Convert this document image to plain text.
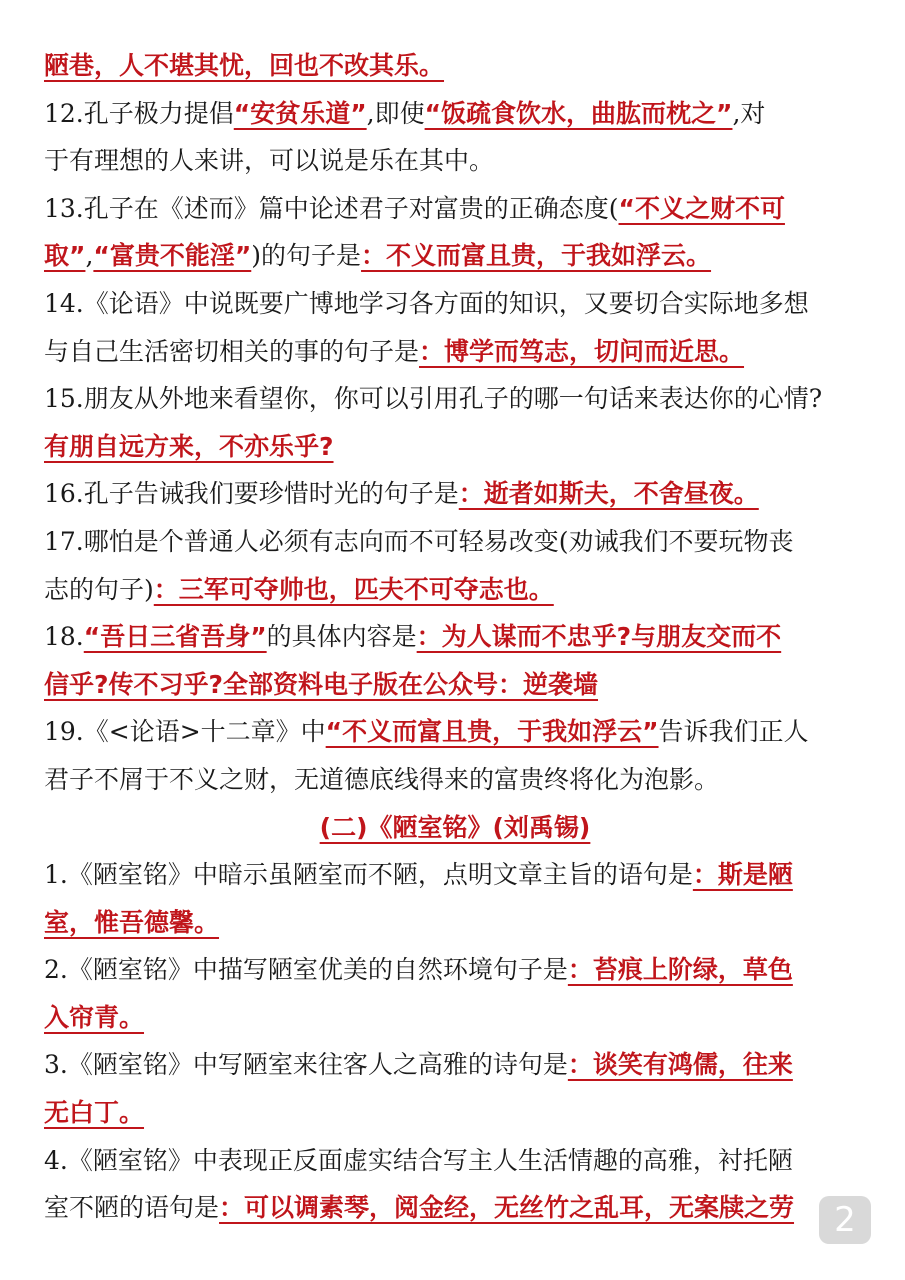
陋巷，人不堪其忧，回也不改其乐。
12.孔子极力提倡“安贫乐道”,即使“饭疏食饮水，曲肱而枕之”,对
于有理想的人来讲，可以说是乐在其中。
13.孔子在《述而》篇中论述君子对富贵的正确态度(“不义之财不可
取”,“富贵不能淫”)的句子是：不义而富且贵，于我如浮云。
14.《论语》中说既要广博地学习各方面的知识，又要切合实际地多想
与自己生活密切相关的事的句子是：博学而笃志，切问而近思。
15.朋友从外地来看望你，你可以引用孔子的哪一句话来表达你的心情?
有朋自远方来，不亦乐乎?
16.孔子告诫我们要珍惜时光的句子是：逝者如斯夫，不舍昼夜。
17.哪怕是个普通人必须有志向而不可轻易改变(劝诫我们不要玩物丧
志的句子)：三军可夺帅也，匹夫不可夺志也。
18.“吾日三省吾身”的具体内容是：为人谋而不忠乎?与朋友交而不
信乎?传不习乎?全部资料电子版在公众号：逆袭墙
19.《<论语>十二章》中“不义而富且贵，于我如浮云”告诉我们正人
君子不屑于不义之财，无道德底线得来的富贵终将化为泡影。
(二)《陋室铭》(刘禹锡)
1.《陋室铭》中暗示虽陋室而不陋，点明文章主旨的语句是：斯是陋
室，惟吾德馨。
2.《陋室铭》中描写陋室优美的自然环境句子是：苔痕上阶绿，草色
入帘青。
3.《陋室铭》中写陋室来往客人之高雅的诗句是：谈笑有鸿儒，往来
无白丁。
4.《陋室铭》中表现正反面虚实结合写主人生活情趣的高雅，衬托陋
室不陋的语句是：可以调素琴，阅金经，无丝竹之乱耳，无案牍之劳	2
